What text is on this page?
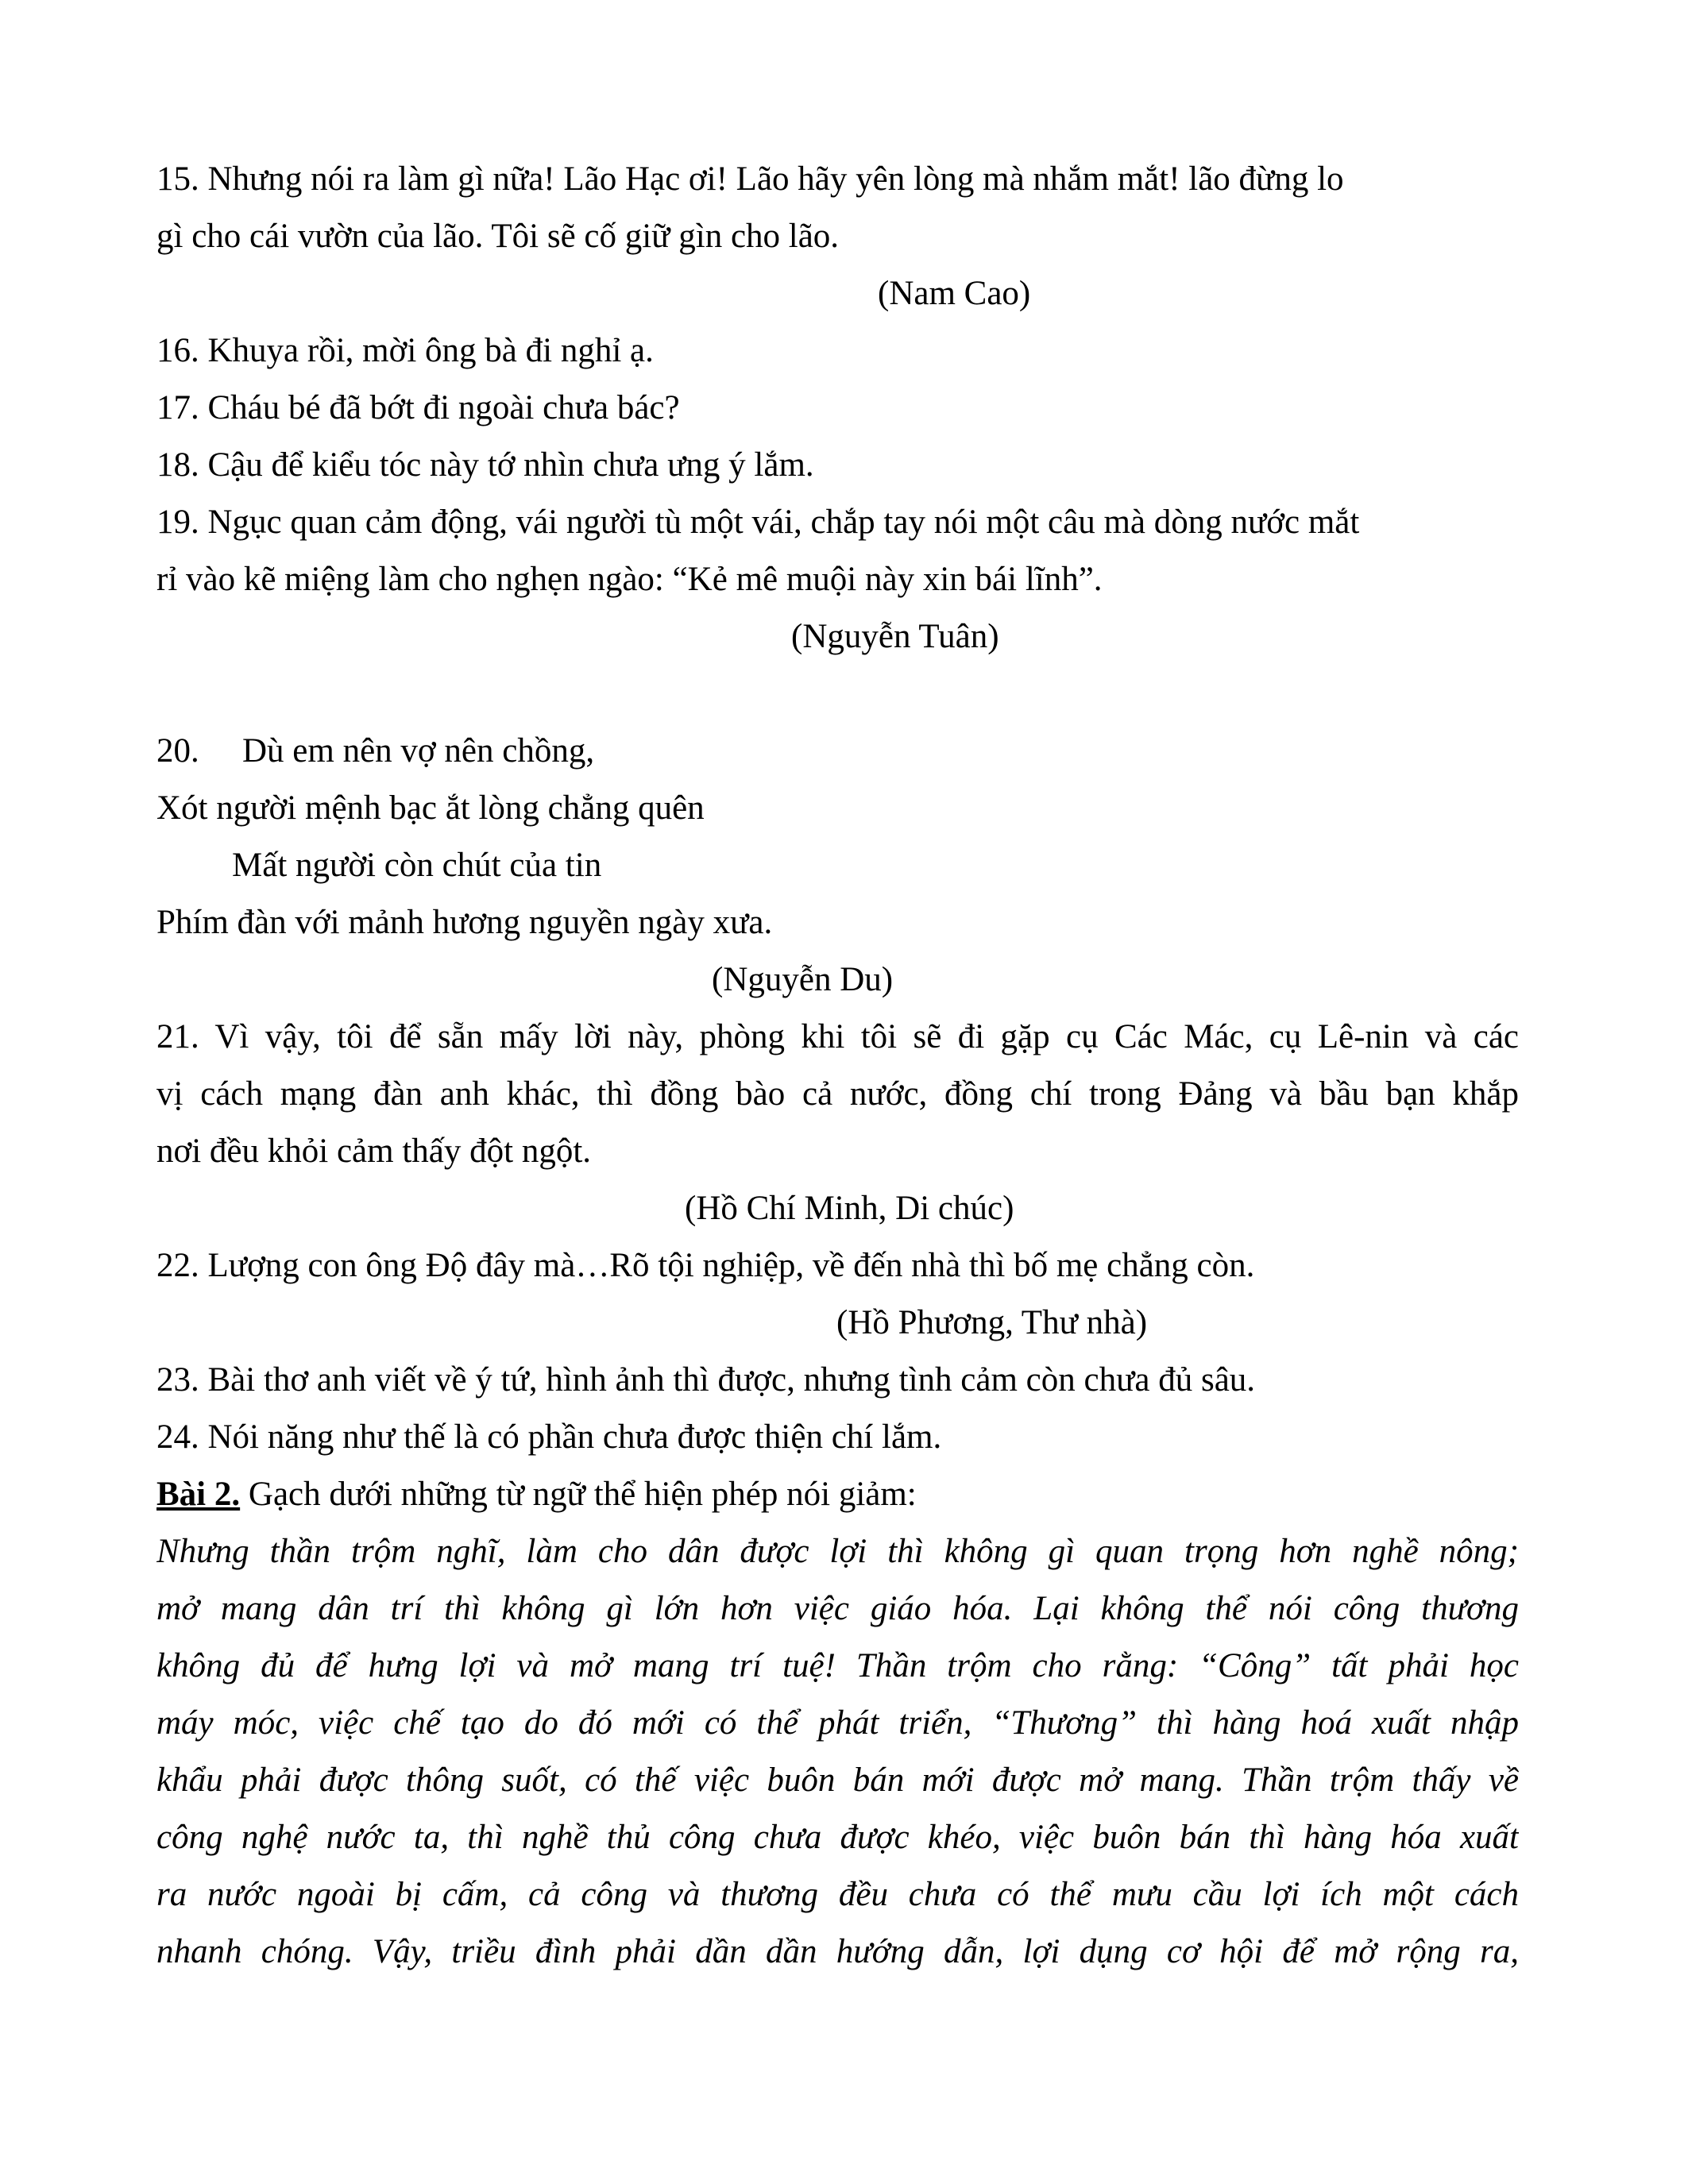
15. Nhưng nói ra làm gì nữa! Lão Hạc ơi! Lão hãy yên lòng mà nhắm mắt! lão đừng lo
gì cho cái vườn của lão. Tôi sẽ cố giữ gìn cho lão.
(Nam Cao)
16. Khuya rồi, mời ông bà đi nghỉ ạ.
17. Cháu bé đã bớt đi ngoài chưa bác?
18. Cậu để kiểu tóc này tớ nhìn chưa ưng ý lắm.
19. Ngục quan cảm động, vái người tù một vái, chắp tay nói một câu mà dòng nước mắt
rỉ vào kẽ miệng làm cho nghẹn ngào: “Kẻ mê muội này xin bái lĩnh”.
(Nguyễn Tuân)
20. Dù em nên vợ nên chồng,
Xót người mệnh bạc ắt lòng chẳng quên
Mất người còn chút của tin
Phím đàn với mảnh hương nguyền ngày xưa.
(Nguyễn Du)
21. Vì vậy, tôi để sẵn mấy lời này, phòng khi tôi sẽ đi gặp cụ Các Mác, cụ Lê-nin và các
vị cách mạng đàn anh khác, thì đồng bào cả nước, đồng chí trong Đảng và bầu bạn khắp
nơi đều khỏi cảm thấy đột ngột.
(Hồ Chí Minh, Di chúc)
22. Lượng con ông Độ đây mà…Rõ tội nghiệp, về đến nhà thì bố mẹ chẳng còn.
(Hồ Phương, Thư nhà)
23. Bài thơ anh viết về ý tứ, hình ảnh thì được, nhưng tình cảm còn chưa đủ sâu.
24. Nói năng như thế là có phần chưa được thiện chí lắm.
Bài 2. Gạch dưới những từ ngữ thể hiện phép nói giảm:
Nhưng thần trộm nghĩ, làm cho dân được lợi thì không gì quan trọng hơn nghề nông;
mở mang dân trí thì không gì lớn hơn việc giáo hóa. Lại không thể nói công thương
không đủ để hưng lợi và mở mang trí tuệ! Thần trộm cho rằng: “Công” tất phải học
máy móc, việc chế tạo do đó mới có thể phát triển, “Thương” thì hàng hoá xuất nhập
khẩu phải được thông suốt, có thế việc buôn bán mới được mở mang. Thần trộm thấy về
công nghệ nước ta, thì nghề thủ công chưa được khéo, việc buôn bán thì hàng hóa xuất
ra nước ngoài bị cấm, cả công và thương đều chưa có thể mưu cầu lợi ích một cách
nhanh chóng. Vậy, triều đình phải dần dần hướng dẫn, lợi dụng cơ hội để mở rộng ra,
